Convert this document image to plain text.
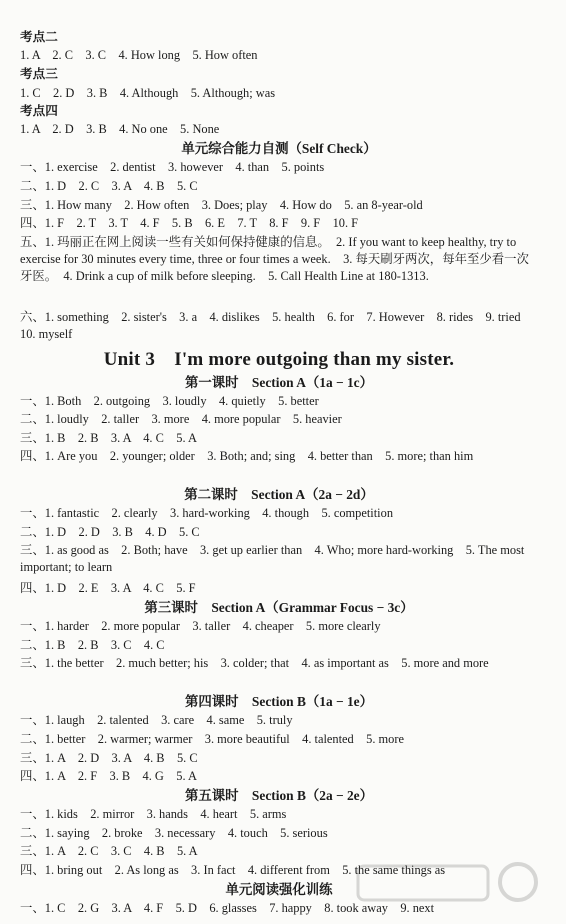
考点二
1. A　2. C　3. C　4. How long　5. How often
考点三
1. C　2. D　3. B　4. Although　5. Although; was
考点四
1. A　2. D　3. B　4. No one　5. None
单元综合能力自测（Self Check）
一、1. exercise　2. dentist　3. however　4. than　5. points
二、1. D　2. C　3. A　4. B　5. C
三、1. How many　2. How often　3. Does; play　4. How do　5. an 8-year-old
四、1. F　2. T　3. T　4. F　5. B　6. E　7. T　8. F　9. F　10. F
五、1. 玛丽正在网上阅读一些有关如何保持健康的信息。　2. If you want to keep healthy, try to exercise for 30 minutes every time, three or four times a week.　3. 每天刷牙两次，每年至少看一次牙医。　4. Drink a cup of milk before sleeping.　5. Call Health Line at 180-1313.
六、1. something　2. sister's　3. a　4. dislikes　5. health　6. for　7. However　8. rides　9. tried　10. myself
Unit 3　I'm more outgoing than my sister.
第一课时　Section A（1a − 1c）
一、1. Both　2. outgoing　3. loudly　4. quietly　5. better
二、1. loudly　2. taller　3. more　4. more popular　5. heavier
三、1. B　2. B　3. A　4. C　5. A
四、1. Are you　2. younger; older　3. Both; and; sing　4. better than　5. more; than him
第二课时　Section A（2a − 2d）
一、1. fantastic　2. clearly　3. hard-working　4. though　5. competition
二、1. D　2. D　3. B　4. D　5. C
三、1. as good as　2. Both; have　3. get up earlier than　4. Who; more hard-working　5. The most important; to learn
四、1. D　2. E　3. A　4. C　5. F
第三课时　Section A（Grammar Focus − 3c）
一、1. harder　2. more popular　3. taller　4. cheaper　5. more clearly
二、1. B　2. B　3. C　4. C
三、1. the better　2. much better; his　3. colder; that　4. as important as　5. more and more
第四课时　Section B（1a − 1e）
一、1. laugh　2. talented　3. care　4. same　5. truly
二、1. better　2. warmer; warmer　3. more beautiful　4. talented　5. more
三、1. A　2. D　3. A　4. B　5. C
四、1. A　2. F　3. B　4. G　5. A
第五课时　Section B（2a − 2e）
一、1. kids　2. mirror　3. hands　4. heart　5. arms
二、1. saying　2. broke　3. necessary　4. touch　5. serious
三、1. A　2. C　3. C　4. B　5. A
四、1. bring out　2. As long as　3. In fact　4. different from　5. the same things as
单元阅读强化训练
一、1. C　2. G　3. A　4. F　5. D　6. glasses　7. happy　8. took away　9. next
